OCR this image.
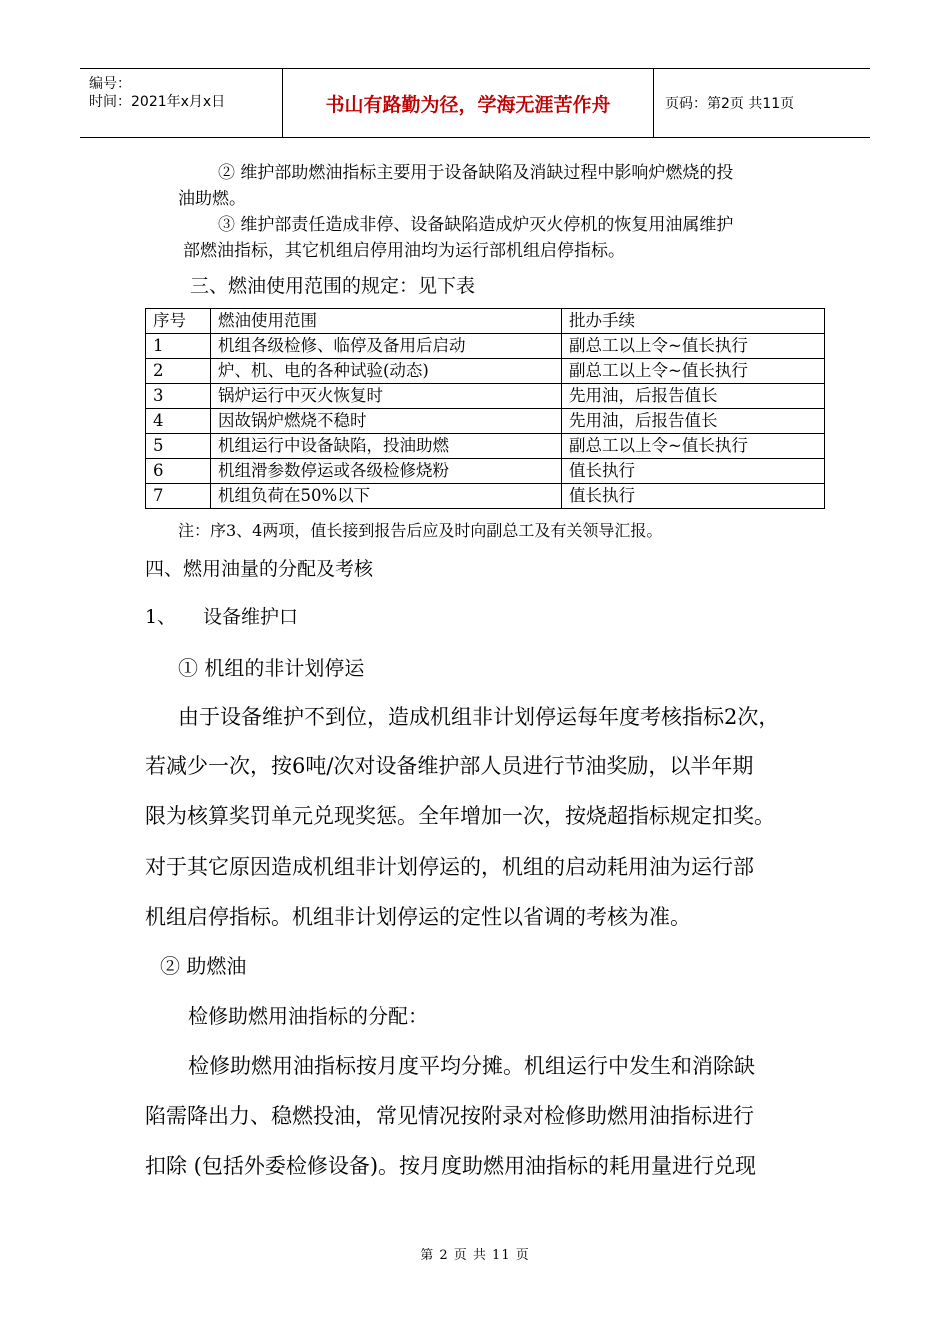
编号：
时间：2021年x月x日	书山有路勤为径，学海无涯苦作舟	页码：第2页 共11页
② 维护部助燃油指标主要用于设备缺陷及消缺过程中影响炉燃烧的投
油助燃。
③ 维护部责任造成非停、设备缺陷造成炉灭火停机的恢复用油属维护
部燃油指标，其它机组启停用油均为运行部机组启停指标。
三、燃油使用范围的规定：见下表
序号	燃油使用范围	批办手续
1	机组各级检修、临停及备用后启动	副总工以上令~值长执行
2	炉、机、电的各种试验(动态)	副总工以上令~值长执行
3	锅炉运行中灭火恢复时	先用油，后报告值长
4	因故锅炉燃烧不稳时	先用油，后报告值长
5	机组运行中设备缺陷，投油助燃	副总工以上令~值长执行
6	机组滑参数停运或各级检修烧粉	值长执行
7	机组负荷在50%以下	值长执行
注：序3、4两项，值长接到报告后应及时向副总工及有关领导汇报。
四、燃用油量的分配及考核
1、 设备维护口
① 机组的非计划停运
由于设备维护不到位，造成机组非计划停运每年度考核指标2次，
若减少一次，按6吨/次对设备维护部人员进行节油奖励，以半年期
限为核算奖罚单元兑现奖惩。全年增加一次，按烧超指标规定扣奖。
对于其它原因造成机组非计划停运的，机组的启动耗用油为运行部
机组启停指标。机组非计划停运的定性以省调的考核为准。
② 助燃油
检修助燃用油指标的分配：
检修助燃用油指标按月度平均分摊。机组运行中发生和消除缺
陷需降出力、稳燃投油，常见情况按附录对检修助燃用油指标进行
扣除 (包括外委检修设备)。按月度助燃用油指标的耗用量进行兑现
第 2 页 共 11 页
